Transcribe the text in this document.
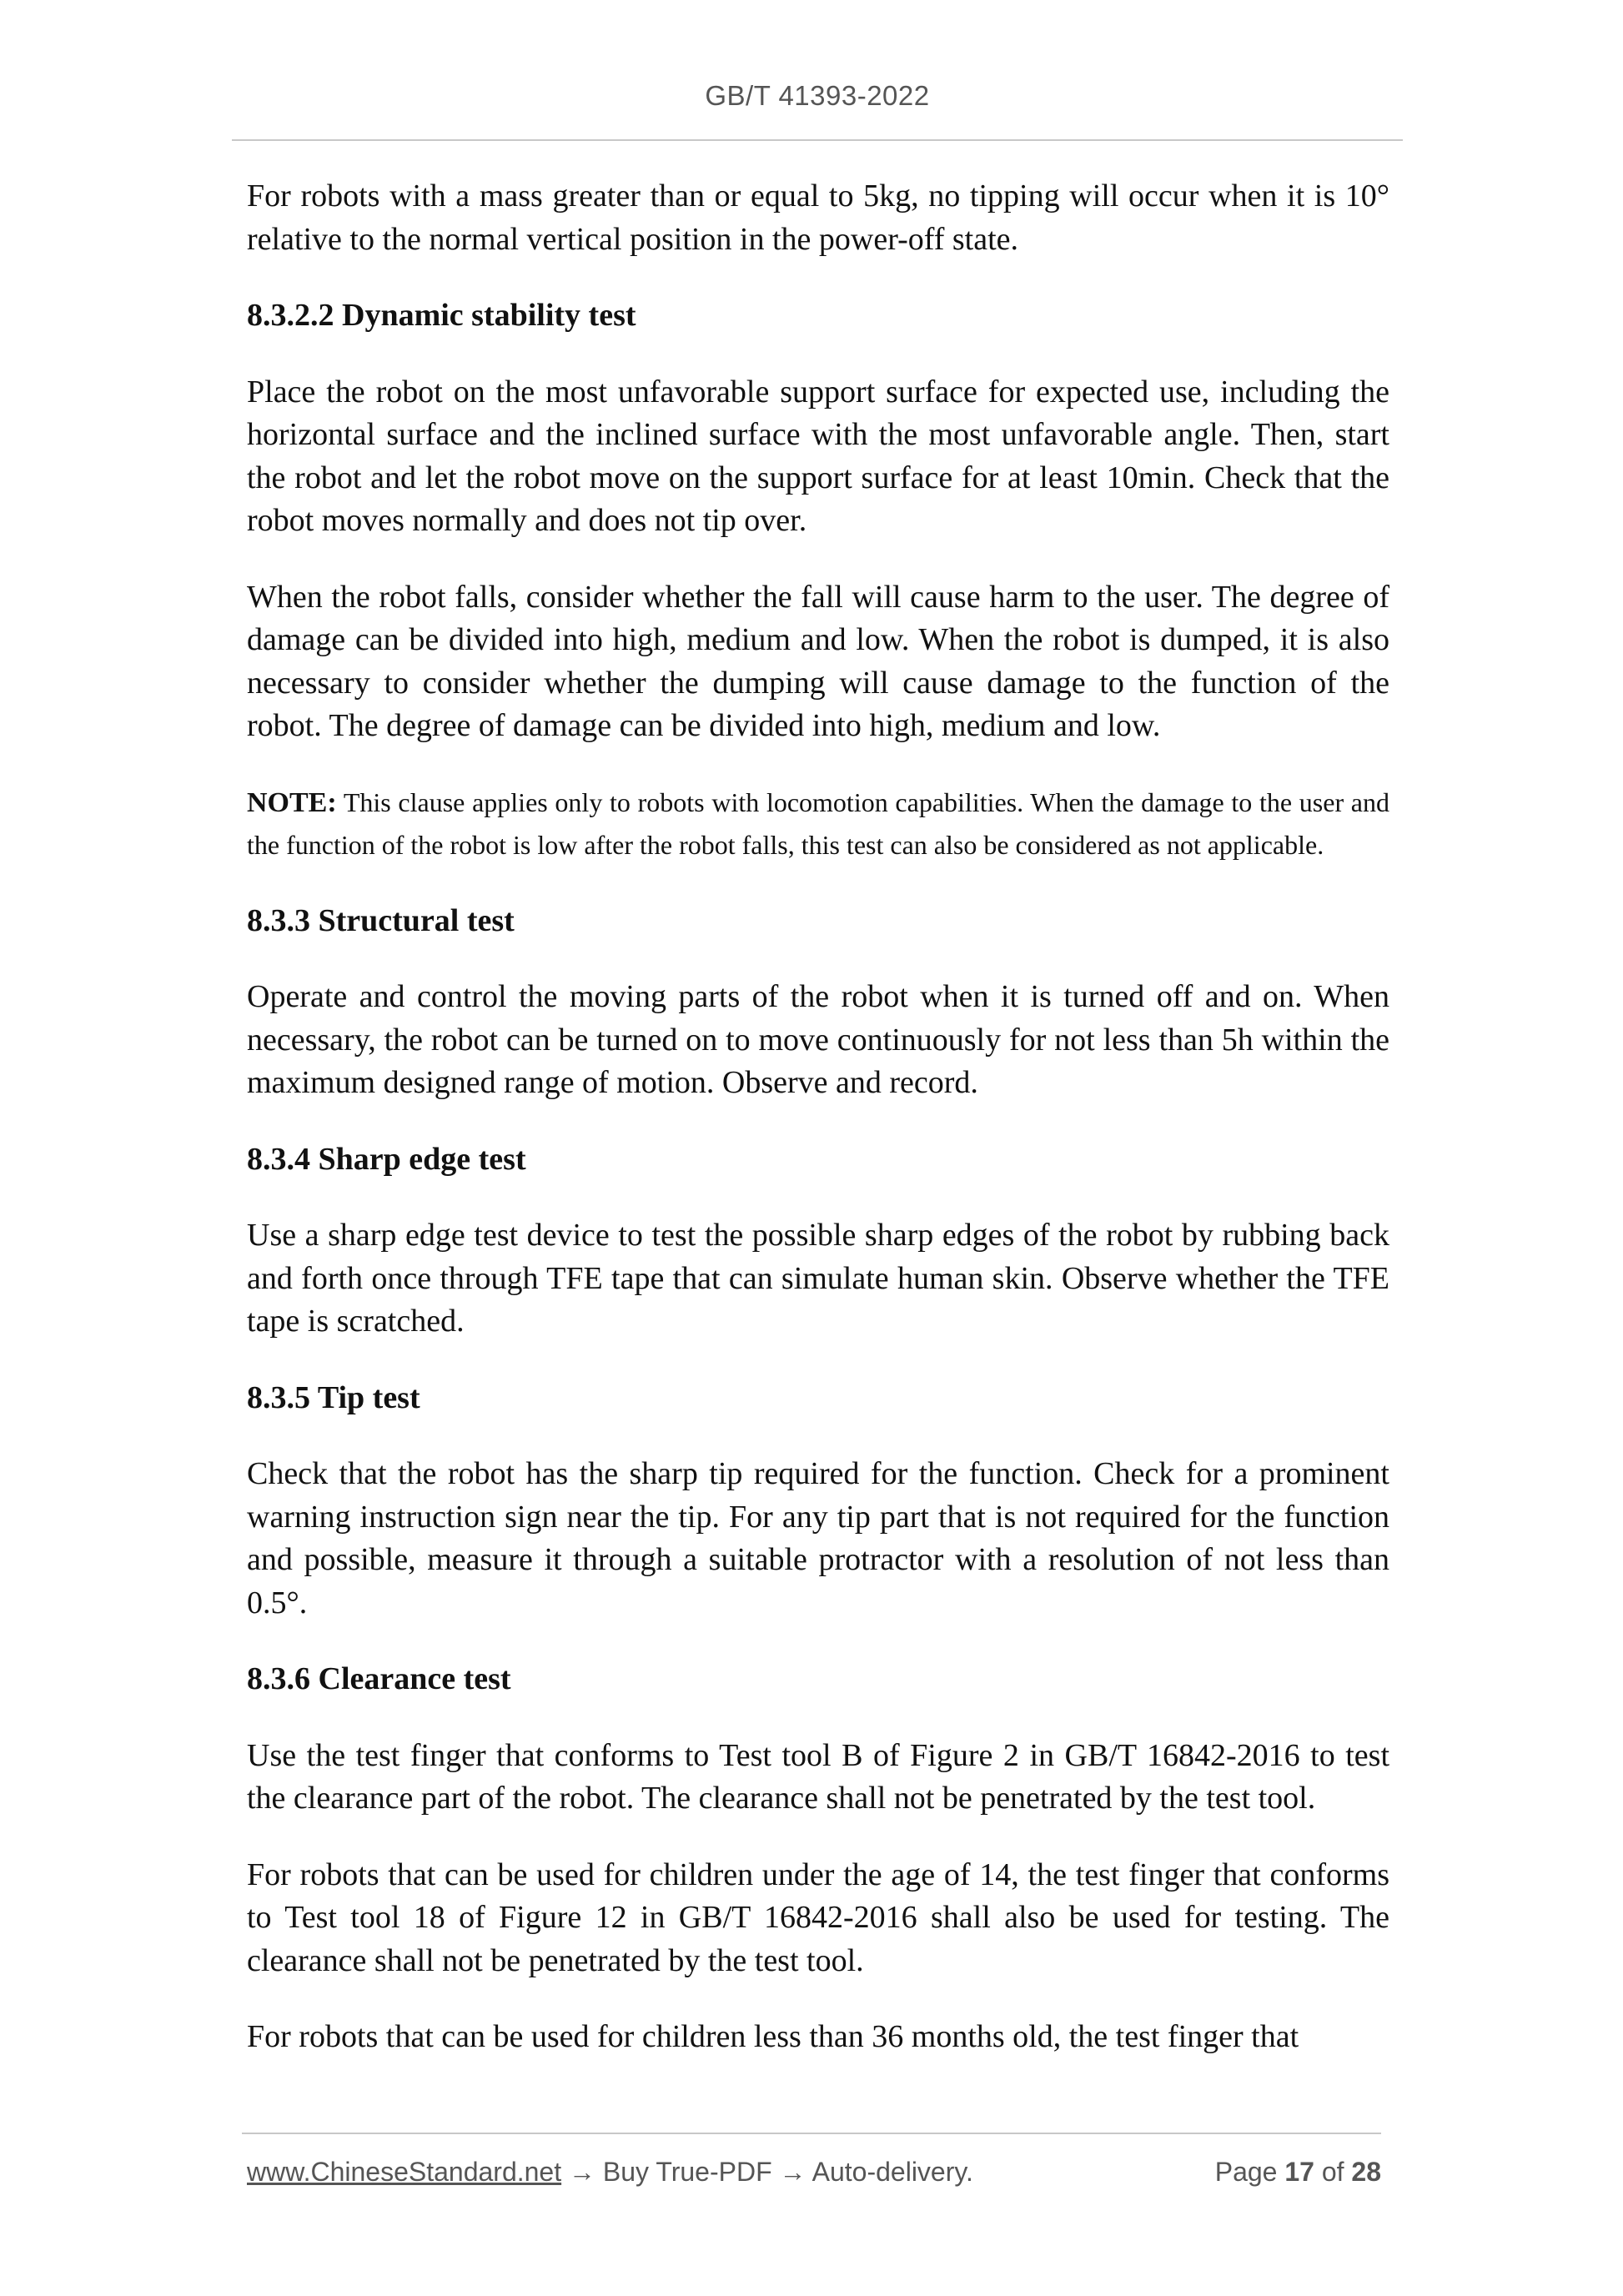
GB/T 41393-2022

For robots with a mass greater than or equal to 5kg, no tipping will occur when it is 10° relative to the normal vertical position in the power-off state.

8.3.2.2 Dynamic stability test

Place the robot on the most unfavorable support surface for expected use, including the horizontal surface and the inclined surface with the most unfavorable angle. Then, start the robot and let the robot move on the support surface for at least 10min. Check that the robot moves normally and does not tip over.

When the robot falls, consider whether the fall will cause harm to the user. The degree of damage can be divided into high, medium and low. When the robot is dumped, it is also necessary to consider whether the dumping will cause damage to the function of the robot. The degree of damage can be divided into high, medium and low.

NOTE: This clause applies only to robots with locomotion capabilities. When the damage to the user and the function of the robot is low after the robot falls, this test can also be considered as not applicable.

8.3.3 Structural test

Operate and control the moving parts of the robot when it is turned off and on. When necessary, the robot can be turned on to move continuously for not less than 5h within the maximum designed range of motion. Observe and record.

8.3.4 Sharp edge test

Use a sharp edge test device to test the possible sharp edges of the robot by rubbing back and forth once through TFE tape that can simulate human skin. Observe whether the TFE tape is scratched.

8.3.5 Tip test

Check that the robot has the sharp tip required for the function. Check for a prominent warning instruction sign near the tip. For any tip part that is not required for the function and possible, measure it through a suitable protractor with a resolution of not less than 0.5°.

8.3.6 Clearance test

Use the test finger that conforms to Test tool B of Figure 2 in GB/T 16842-2016 to test the clearance part of the robot. The clearance shall not be penetrated by the test tool.

For robots that can be used for children under the age of 14, the test finger that conforms to Test tool 18 of Figure 12 in GB/T 16842-2016 shall also be used for testing. The clearance shall not be penetrated by the test tool.

For robots that can be used for children less than 36 months old, the test finger that

www.ChineseStandard.net → Buy True-PDF → Auto-delivery.	Page 17 of 28
